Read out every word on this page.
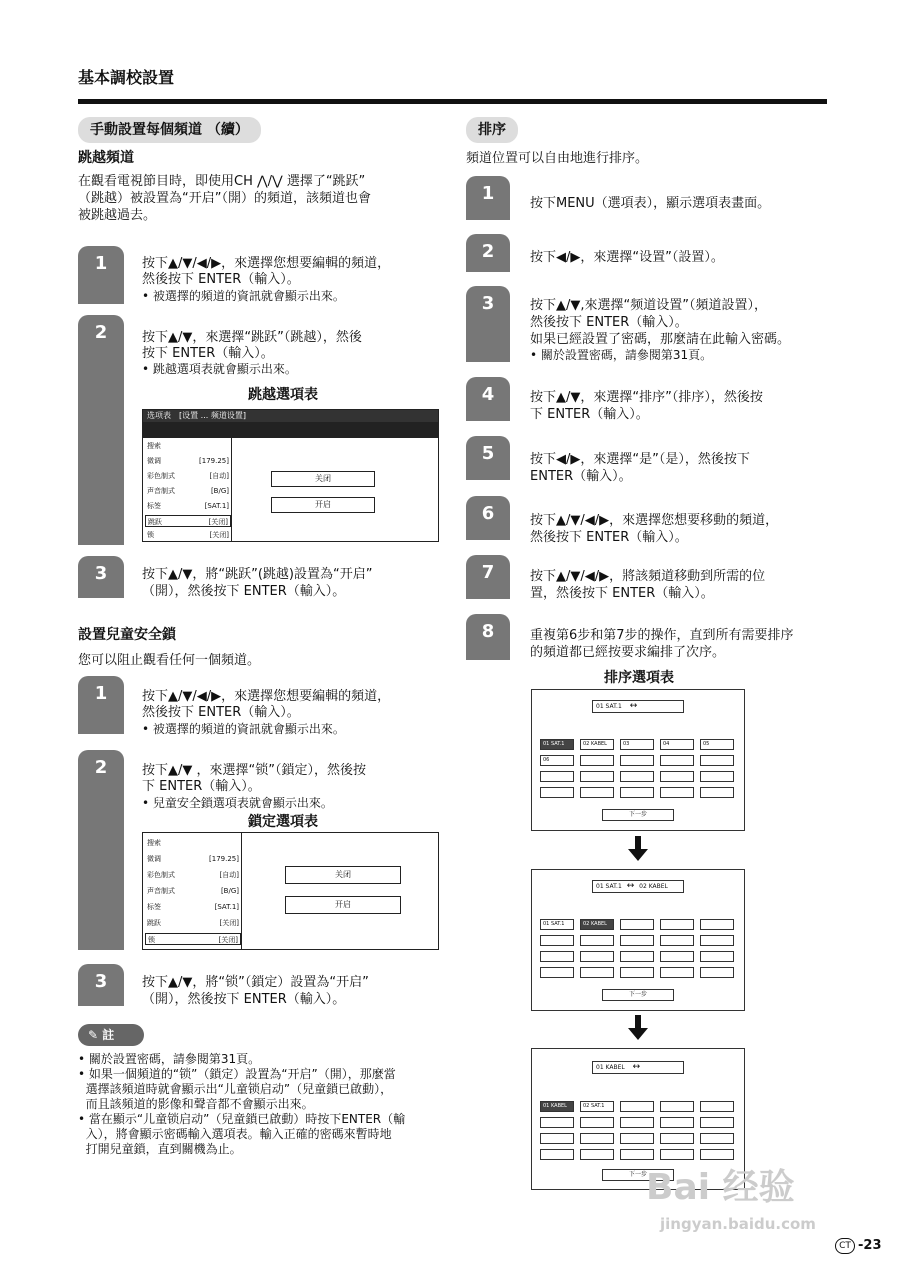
基本調校設置
手動設置每個頻道 （續）
跳越頻道
在觀看電視節目時，即使用CH ⋀/⋁ 選擇了“跳跃”
（跳越）被設置為“开启”（開）的頻道，該頻道也會
被跳越過去。
1	按下▲/▼/◀/▶，來選擇您想要編輯的頻道，
然後按下 ENTER（輸入）。
• 被選擇的頻道的資訊就會顯示出來。
2	按下▲/▼，來選擇“跳跃”（跳越），然後
按下 ENTER（輸入）。
• 跳越選項表就會顯示出來。
跳越選項表
选项表　[设置 ... 频道设置]
搜索
微调	[179.25]
彩色制式	[自动]
声音制式	[B/G]
标签	[SAT.1]
跳跃	[关闭]
锁	[关闭]
关闭
开启
3	按下▲/▼，將“跳跃”(跳越)設置為“开启”
（開），然後按下 ENTER（輸入）。
設置兒童安全鎖
您可以阻止觀看任何一個頻道。
1	按下▲/▼/◀/▶，來選擇您想要編輯的頻道，
然後按下 ENTER（輸入）。
• 被選擇的頻道的資訊就會顯示出來。
2	按下▲/▼ ，來選擇“锁”（鎖定），然後按
下 ENTER（輸入）。
• 兒童安全鎖選項表就會顯示出來。
鎖定選項表
搜索
微调	[179.25]
彩色制式	[自动]
声音制式	[B/G]
标签	[SAT.1]
跳跃	[关闭]
锁	[关闭]
关闭
开启
3	按下▲/▼，將“锁”（鎖定）設置為“开启”
（開），然後按下 ENTER（輸入）。
✎ 註
• 關於設置密碼，請參閱第31頁。
• 如果一個頻道的“锁”（鎖定）設置為“开启”（開），那麼當
選擇該頻道時就會顯示出“儿童锁启动”（兒童鎖已啟動），
而且該頻道的影像和聲音都不會顯示出來。
• 當在顯示“儿童锁启动”（兒童鎖已啟動）時按下ENTER（輸
入），將會顯示密碼輸入選項表。輸入正確的密碼來暫時地
打開兒童鎖，直到關機為止。
排序
頻道位置可以自由地進行排序。
1	按下MENU（選項表），顯示選項表畫面。
2	按下◀/▶，來選擇“设置”（設置）。
3	按下▲/▼,來選擇“频道设置”（頻道設置），
然後按下 ENTER（輸入）。
如果已經設置了密碼，那麼請在此輸入密碼。
• 關於設置密碼，請參閱第31頁。
4	按下▲/▼，來選擇“排序”（排序），然後按
下 ENTER（輸入）。
5	按下◀/▶，來選擇“是”（是），然後按下
ENTER（輸入）。
6	按下▲/▼/◀/▶，來選擇您想要移動的頻道，
然後按下 ENTER（輸入）。
7	按下▲/▼/◀/▶，將該頻道移動到所需的位
置，然後按下 ENTER（輸入）。
8	重複第6步和第7步的操作，直到所有需要排序
的頻道都已經按要求編排了次序。
排序選項表
01 SAT.1 ↔
01 SAT.1	02 KABEL	03	04	05
06
下一步
01 SAT.1 ↔ 02 KABEL
01 SAT.1	02 KABEL
下一步
01 KABEL ↔
01 KABEL	02 SAT.1
下一步 Bai 经验
jingyan.baidu.com
CT -23
